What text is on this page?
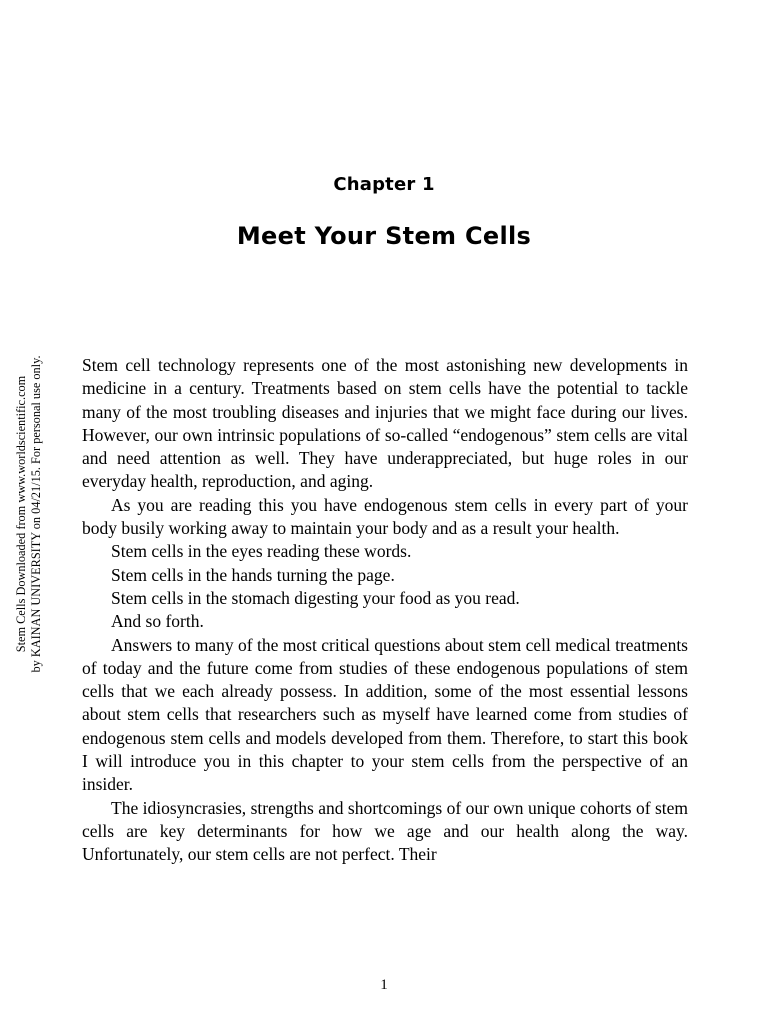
Chapter 1
Meet Your Stem Cells
Stem Cells Downloaded from www.worldscientific.com by KAINAN UNIVERSITY on 04/21/15. For personal use only. Stem cell technology represents one of the most astonishing new developments in medicine in a century. Treatments based on stem cells have the potential to tackle many of the most troubling diseases and injuries that we might face during our lives. However, our own intrinsic populations of so-called “endogenous” stem cells are vital and need attention as well. They have underappreciated, but huge roles in our everyday health, reproduction, and aging.

As you are reading this you have endogenous stem cells in every part of your body busily working away to maintain your body and as a result your health.

Stem cells in the eyes reading these words.

Stem cells in the hands turning the page.

Stem cells in the stomach digesting your food as you read.

And so forth.

Answers to many of the most critical questions about stem cell medical treatments of today and the future come from studies of these endogenous populations of stem cells that we each already possess. In addition, some of the most essential lessons about stem cells that researchers such as myself have learned come from studies of endogenous stem cells and models developed from them. Therefore, to start this book I will introduce you in this chapter to your stem cells from the perspective of an insider.

The idiosyncrasies, strengths and shortcomings of our own unique cohorts of stem cells are key determinants for how we age and our health along the way. Unfortunately, our stem cells are not perfect. Their

1
